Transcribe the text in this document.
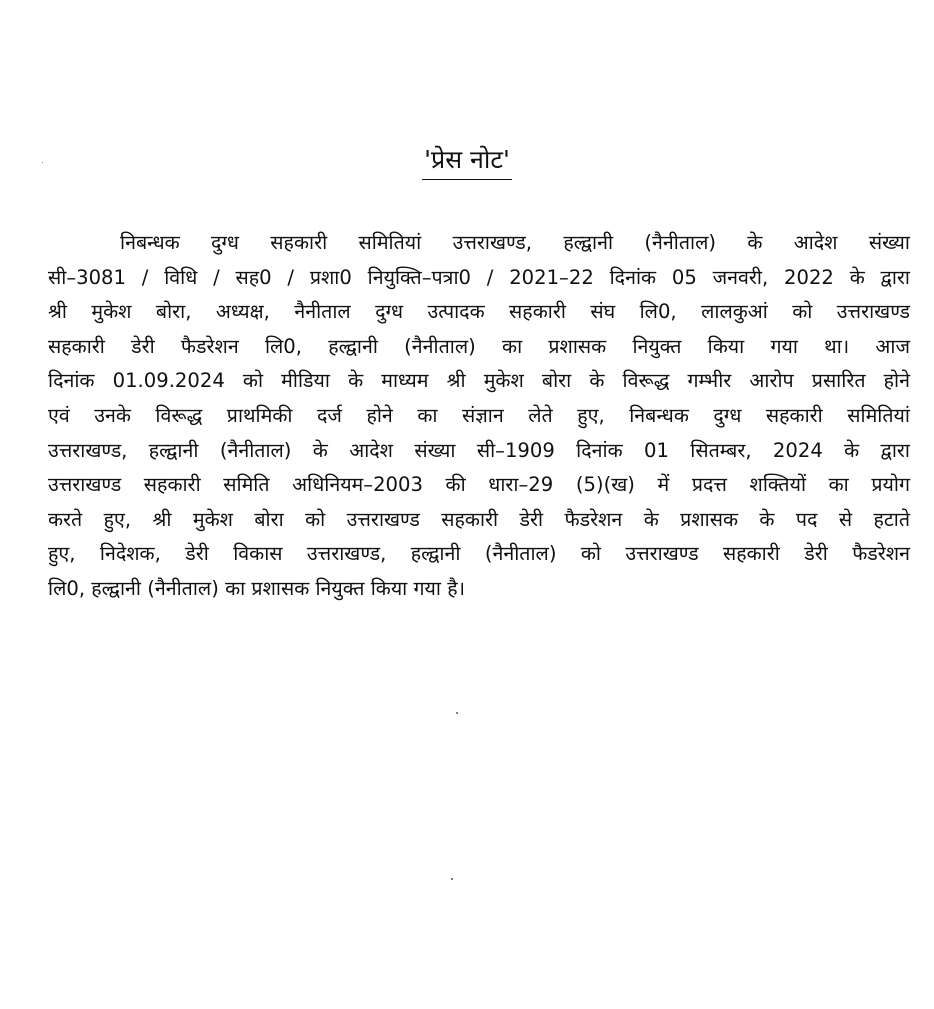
'प्रेस नोट'
निबन्धक दुग्ध सहकारी समितियां उत्तराखण्ड, हल्द्वानी (नैनीताल) के आदेश संख्या
सी–3081 / विधि / सह0 / प्रशा0 नियुक्ति–पत्रा0 / 2021–22 दिनांक 05 जनवरी, 2022 के द्वारा
श्री मुकेश बोरा, अध्यक्ष, नैनीताल दुग्ध उत्पादक सहकारी संघ लि0, लालकुआं को उत्तराखण्ड
सहकारी डेरी फैडरेशन लि0, हल्द्वानी (नैनीताल) का प्रशासक नियुक्त किया गया था। आज
दिनांक 01.09.2024 को मीडिया के माध्यम श्री मुकेश बोरा के विरूद्ध गम्भीर आरोप प्रसारित होने
एवं उनके विरूद्ध प्राथमिकी दर्ज होने का संज्ञान लेते हुए, निबन्धक दुग्ध सहकारी समितियां
उत्तराखण्ड, हल्द्वानी (नैनीताल) के आदेश संख्या सी–1909 दिनांक 01 सितम्बर, 2024 के द्वारा
उत्तराखण्ड सहकारी समिति अधिनियम–2003 की धारा–29 (5)(ख) में प्रदत्त शक्तियों का प्रयोग
करते हुए, श्री मुकेश बोरा को उत्तराखण्ड सहकारी डेरी फैडरेशन के प्रशासक के पद से हटाते
हुए, निदेशक, डेरी विकास उत्तराखण्ड, हल्द्वानी (नैनीताल) को उत्तराखण्ड सहकारी डेरी फैडरेशन
लि0, हल्द्वानी (नैनीताल) का प्रशासक नियुक्त किया गया है।
